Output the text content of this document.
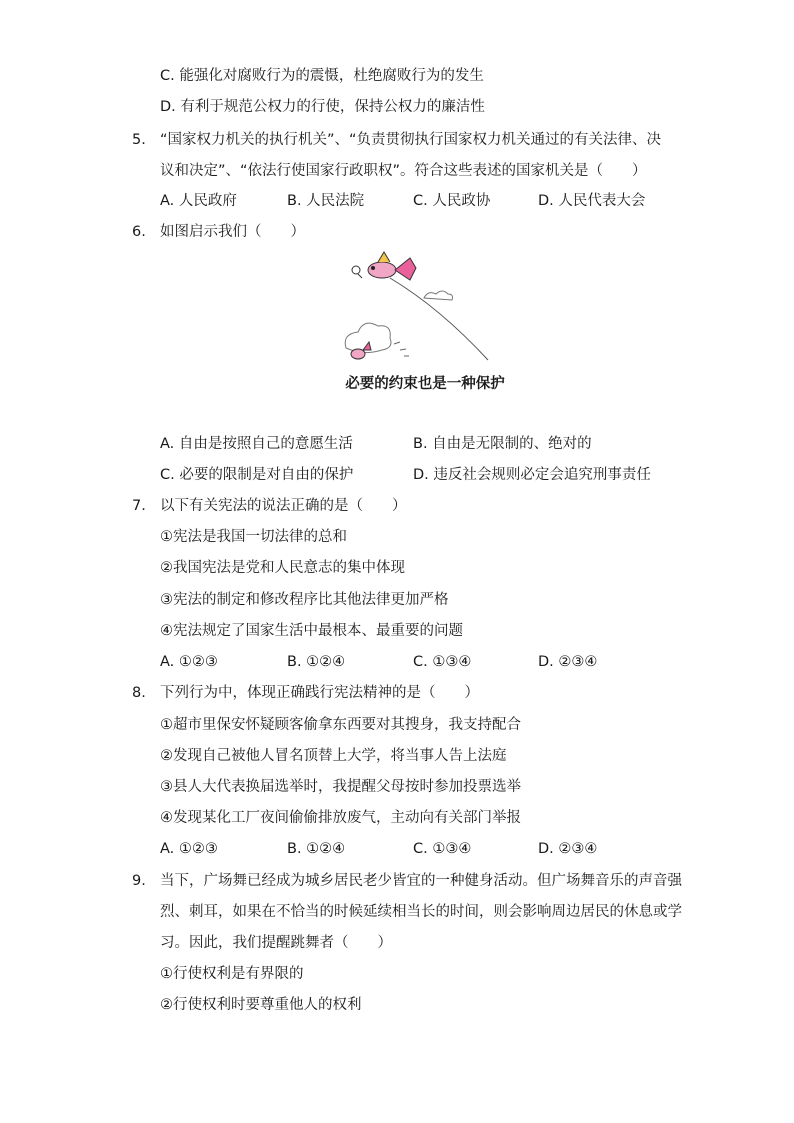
C. 能强化对腐败行为的震慑，杜绝腐败行为的发生
D. 有利于规范公权力的行使，保持公权力的廉洁性
5. “国家权力机关的执行机关”、“负责贯彻执行国家权力机关通过的有关法律、决
议和决定”、“依法行使国家行政职权”。符合这些表述的国家机关是（　　）
A. 人民政府	B. 人民法院	C. 人民政协	D. 人民代表大会
6. 如图启示我们（　　）
必要的约束也是一种保护
A. 自由是按照自己的意愿生活	B. 自由是无限制的、绝对的
C. 必要的限制是对自由的保护	D. 违反社会规则必定会追究刑事责任
7. 以下有关宪法的说法正确的是（　　）
①宪法是我国一切法律的总和
②我国宪法是党和人民意志的集中体现
③宪法的制定和修改程序比其他法律更加严格
④宪法规定了国家生活中最根本、最重要的问题
A. ①②③	B. ①②④	C. ①③④	D. ②③④
8. 下列行为中，体现正确践行宪法精神的是（　　）
①超市里保安怀疑顾客偷拿东西要对其搜身，我支持配合
②发现自己被他人冒名顶替上大学，将当事人告上法庭
③县人大代表换届选举时，我提醒父母按时参加投票选举
④发现某化工厂夜间偷偷排放废气，主动向有关部门举报
A. ①②③	B. ①②④	C. ①③④	D. ②③④
9. 当下，广场舞已经成为城乡居民老少皆宜的一种健身活动。但广场舞音乐的声音强
烈、刺耳，如果在不恰当的时候延续相当长的时间，则会影响周边居民的休息或学
习。因此，我们提醒跳舞者（　　）
①行使权利是有界限的
②行使权利时要尊重他人的权利
